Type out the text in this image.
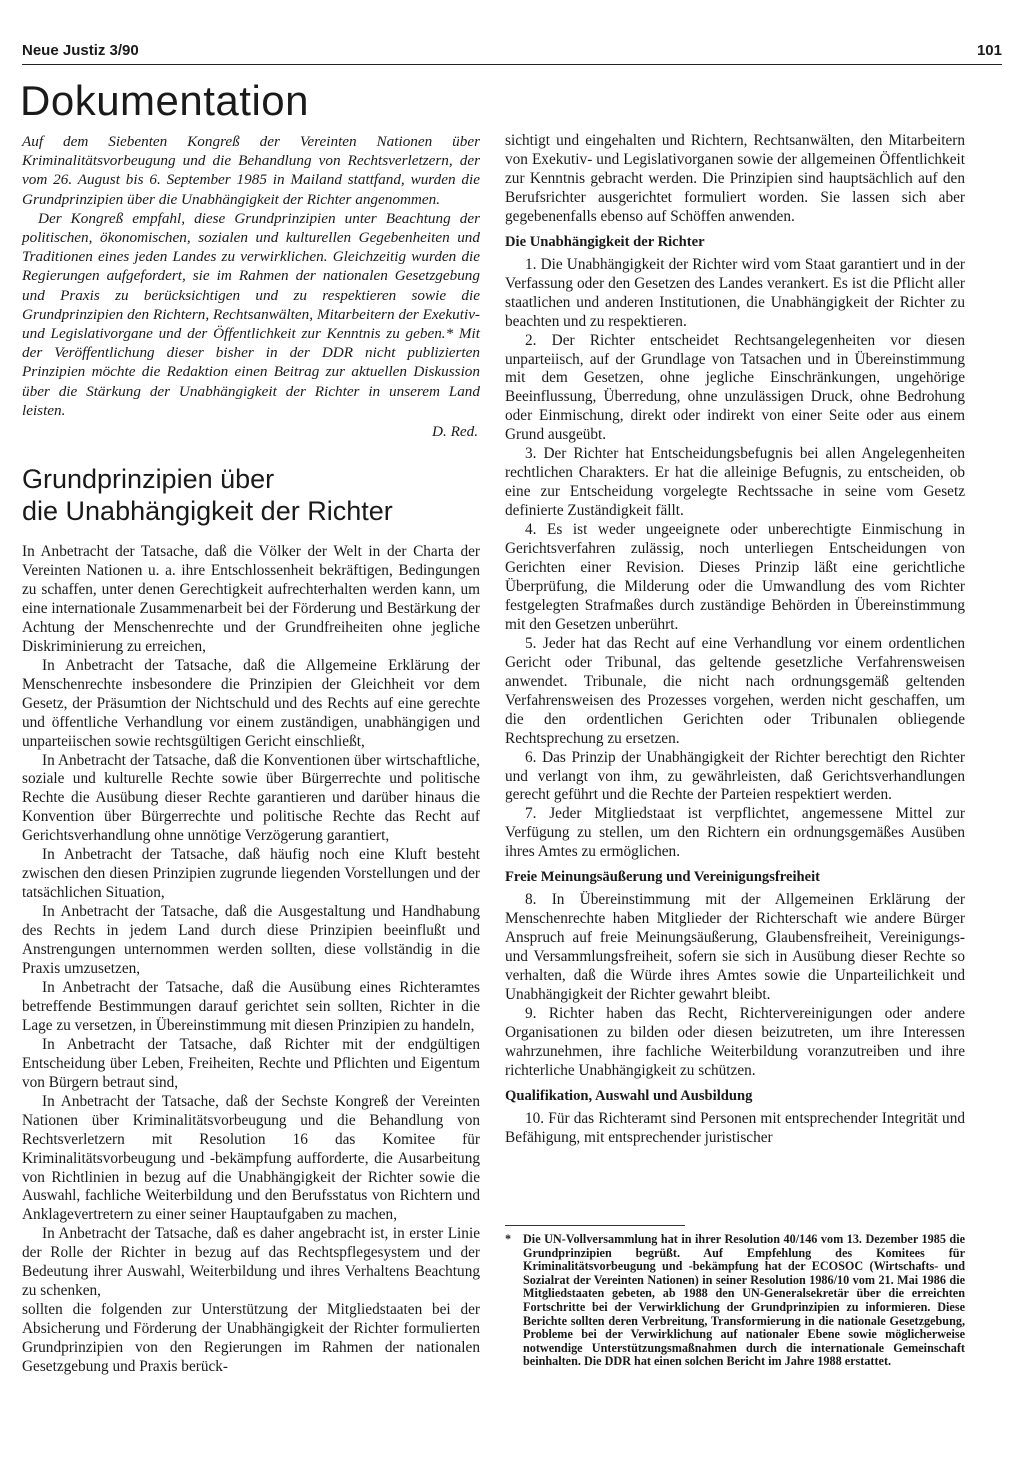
Neue Justiz 3/90	101
Dokumentation

Auf dem Siebenten Kongreß der Vereinten Nationen über Kriminalitätsvorbeugung und die Behandlung von Rechtsverletzern, der vom 26. August bis 6. September 1985 in Mailand stattfand, wurden die Grundprinzipien über die Unabhängigkeit der Richter angenommen.

Der Kongreß empfahl, diese Grundprinzipien unter Beachtung der politischen, ökonomischen, sozialen und kulturellen Gegebenheiten und Traditionen eines jeden Landes zu verwirklichen. Gleichzeitig wurden die Regierungen aufgefordert, sie im Rahmen der nationalen Gesetzgebung und Praxis zu berücksichtigen und zu respektieren sowie die Grundprinzipien den Richtern, Rechtsanwälten, Mitarbeitern der Exekutiv- und Legislativorgane und der Öffentlichkeit zur Kenntnis zu geben.* Mit der Veröffentlichung dieser bisher in der DDR nicht publizierten Prinzipien möchte die Redaktion einen Beitrag zur aktuellen Diskussion über die Stärkung der Unabhängigkeit der Richter in unserem Land leisten.

D. Red.
Grundprinzipien über
die Unabhängigkeit der Richter

In Anbetracht der Tatsache, daß die Völker der Welt in der Charta der Vereinten Nationen u. a. ihre Entschlossenheit bekräftigen, Bedingungen zu schaffen, unter denen Gerechtigkeit aufrechterhalten werden kann, um eine internationale Zusammenarbeit bei der Förderung und Bestärkung der Achtung der Menschenrechte und der Grundfreiheiten ohne jegliche Diskriminierung zu erreichen,

In Anbetracht der Tatsache, daß die Allgemeine Erklärung der Menschenrechte insbesondere die Prinzipien der Gleichheit vor dem Gesetz, der Präsumtion der Nichtschuld und des Rechts auf eine gerechte und öffentliche Verhandlung vor einem zuständigen, unabhängigen und unparteiischen sowie rechtsgültigen Gericht einschließt,

In Anbetracht der Tatsache, daß die Konventionen über wirtschaftliche, soziale und kulturelle Rechte sowie über Bürgerrechte und politische Rechte die Ausübung dieser Rechte garantieren und darüber hinaus die Konvention über Bürgerrechte und politische Rechte das Recht auf Gerichtsverhandlung ohne unnötige Verzögerung garantiert,

In Anbetracht der Tatsache, daß häufig noch eine Kluft besteht zwischen den diesen Prinzipien zugrunde liegenden Vorstellungen und der tatsächlichen Situation,

In Anbetracht der Tatsache, daß die Ausgestaltung und Handhabung des Rechts in jedem Land durch diese Prinzipien beeinflußt und Anstrengungen unternommen werden sollten, diese vollständig in die Praxis umzusetzen,

In Anbetracht der Tatsache, daß die Ausübung eines Richteramtes betreffende Bestimmungen darauf gerichtet sein sollten, Richter in die Lage zu versetzen, in Übereinstimmung mit diesen Prinzipien zu handeln,

In Anbetracht der Tatsache, daß Richter mit der endgültigen Entscheidung über Leben, Freiheiten, Rechte und Pflichten und Eigentum von Bürgern betraut sind,

In Anbetracht der Tatsache, daß der Sechste Kongreß der Vereinten Nationen über Kriminalitätsvorbeugung und die Behandlung von Rechtsverletzern mit Resolution 16 das Komitee für Kriminalitätsvorbeugung und -bekämpfung aufforderte, die Ausarbeitung von Richtlinien in bezug auf die Unabhängigkeit der Richter sowie die Auswahl, fachliche Weiterbildung und den Berufsstatus von Richtern und Anklagevertretern zu einer seiner Hauptaufgaben zu machen,

In Anbetracht der Tatsache, daß es daher angebracht ist, in erster Linie der Rolle der Richter in bezug auf das Rechtspflegesystem und der Bedeutung ihrer Auswahl, Weiterbildung und ihres Verhaltens Beachtung zu schenken,

sollten die folgenden zur Unterstützung der Mitgliedstaaten bei der Absicherung und Förderung der Unabhängigkeit der Richter formulierten Grundprinzipien von den Regierungen im Rahmen der nationalen Gesetzgebung und Praxis berück-

sichtigt und eingehalten und Richtern, Rechtsanwälten, den Mitarbeitern von Exekutiv- und Legislativorganen sowie der allgemeinen Öffentlichkeit zur Kenntnis gebracht werden. Die Prinzipien sind hauptsächlich auf den Berufsrichter ausgerichtet formuliert worden. Sie lassen sich aber gegebenenfalls ebenso auf Schöffen anwenden.

Die Unabhängigkeit der Richter

1. Die Unabhängigkeit der Richter wird vom Staat garantiert und in der Verfassung oder den Gesetzen des Landes verankert. Es ist die Pflicht aller staatlichen und anderen Institutionen, die Unabhängigkeit der Richter zu beachten und zu respektieren.

2. Der Richter entscheidet Rechtsangelegenheiten vor diesen unparteiisch, auf der Grundlage von Tatsachen und in Übereinstimmung mit dem Gesetzen, ohne jegliche Einschränkungen, ungehörige Beeinflussung, Überredung, ohne unzulässigen Druck, ohne Bedrohung oder Einmischung, direkt oder indirekt von einer Seite oder aus einem Grund ausgeübt.

3. Der Richter hat Entscheidungsbefugnis bei allen Angelegenheiten rechtlichen Charakters. Er hat die alleinige Befugnis, zu entscheiden, ob eine zur Entscheidung vorgelegte Rechtssache in seine vom Gesetz definierte Zuständigkeit fällt.

4. Es ist weder ungeeignete oder unberechtigte Einmischung in Gerichtsverfahren zulässig, noch unterliegen Entscheidungen von Gerichten einer Revision. Dieses Prinzip läßt eine gerichtliche Überprüfung, die Milderung oder die Umwandlung des vom Richter festgelegten Strafmaßes durch zuständige Behörden in Übereinstimmung mit den Gesetzen unberührt.

5. Jeder hat das Recht auf eine Verhandlung vor einem ordentlichen Gericht oder Tribunal, das geltende gesetzliche Verfahrensweisen anwendet. Tribunale, die nicht nach ordnungsgemäß geltenden Verfahrensweisen des Prozesses vorgehen, werden nicht geschaffen, um die den ordentlichen Gerichten oder Tribunalen obliegende Rechtsprechung zu ersetzen.

6. Das Prinzip der Unabhängigkeit der Richter berechtigt den Richter und verlangt von ihm, zu gewährleisten, daß Gerichtsverhandlungen gerecht geführt und die Rechte der Parteien respektiert werden.

7. Jeder Mitgliedstaat ist verpflichtet, angemessene Mittel zur Verfügung zu stellen, um den Richtern ein ordnungsgemäßes Ausüben ihres Amtes zu ermöglichen.

Freie Meinungsäußerung und Vereinigungsfreiheit

8. In Übereinstimmung mit der Allgemeinen Erklärung der Menschenrechte haben Mitglieder der Richterschaft wie andere Bürger Anspruch auf freie Meinungsäußerung, Glaubensfreiheit, Vereinigungs- und Versammlungsfreiheit, sofern sie sich in Ausübung dieser Rechte so verhalten, daß die Würde ihres Amtes sowie die Unparteilichkeit und Unabhängigkeit der Richter gewahrt bleibt.

9. Richter haben das Recht, Richtervereinigungen oder andere Organisationen zu bilden oder diesen beizutreten, um ihre Interessen wahrzunehmen, ihre fachliche Weiterbildung voranzutreiben und ihre richterliche Unabhängigkeit zu schützen.

Qualifikation, Auswahl und Ausbildung

10. Für das Richteramt sind Personen mit entsprechender Integrität und Befähigung, mit entsprechender juristischer

* Die UN-Vollversammlung hat in ihrer Resolution 40/146 vom 13. Dezember 1985 die Grundprinzipien begrüßt. Auf Empfehlung des Komitees für Kriminalitätsvorbeugung und -bekämpfung hat der ECOSOC (Wirtschafts- und Sozialrat der Vereinten Nationen) in seiner Resolution 1986/10 vom 21. Mai 1986 die Mitgliedstaaten gebeten, ab 1988 den UN-Generalsekretär über die erreichten Fortschritte bei der Verwirklichung der Grundprinzipien zu informieren. Diese Berichte sollten deren Verbreitung, Transformierung in die nationale Gesetzgebung, Probleme bei der Verwirklichung auf nationaler Ebene sowie möglicherweise notwendige Unterstützungsmaßnahmen durch die internationale Gemeinschaft beinhalten. Die DDR hat einen solchen Bericht im Jahre 1988 erstattet.
